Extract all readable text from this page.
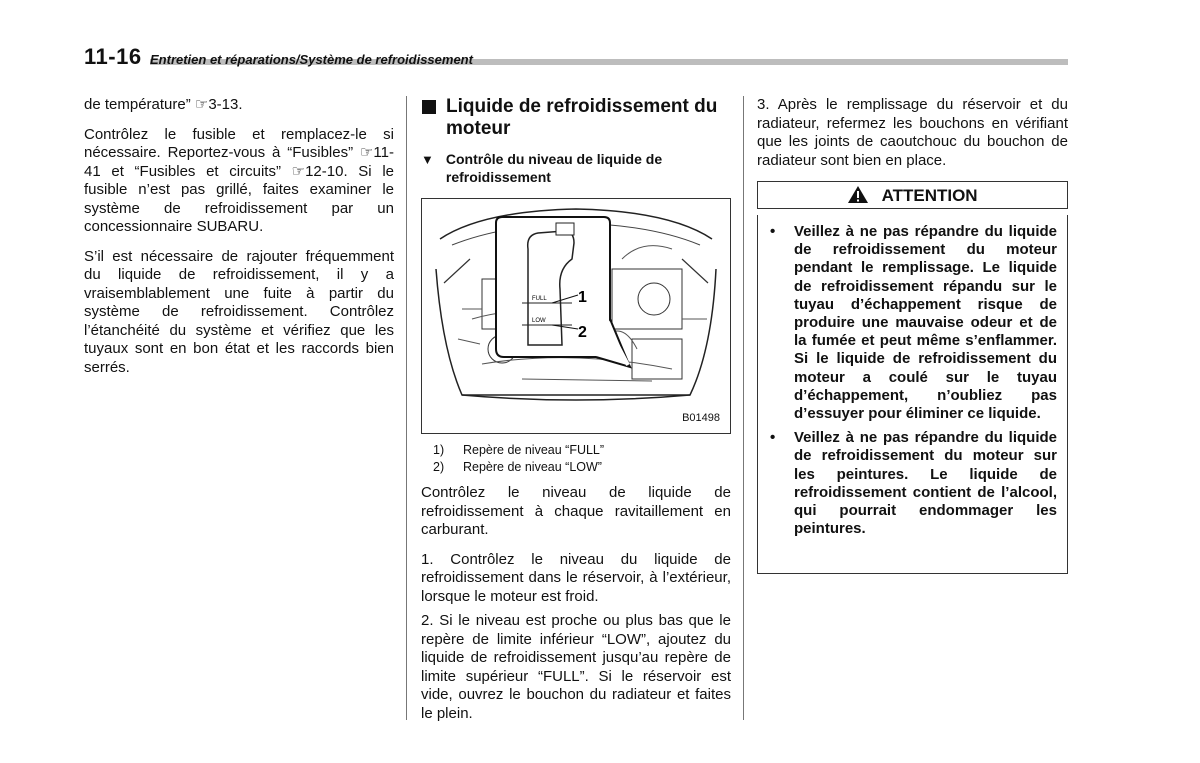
11-16 Entretien et réparations/Système de refroidissement

de température” ☞3-13.

Contrôlez le fusible et remplacez-le si nécessaire. Reportez-vous à “Fusibles” ☞11-41 et “Fusibles et circuits” ☞12-10. Si le fusible n’est pas grillé, faites examiner le système de refroidissement par un concessionnaire SUBARU.

S’il est nécessaire de rajouter fréquemment du liquide de refroidissement, il y a vraisemblablement une fuite à partir du système de refroidissement. Contrôlez l’étanchéité du système et vérifiez que les tuyaux sont en bon état et les raccords bien serrés.

Liquide de refroidissement du moteur
▼ Contrôle du niveau de liquide de refroidissement
FULL
LOW
1
2
B01498
1)	Repère de niveau “FULL”
2)	Repère de niveau “LOW”

Contrôlez le niveau de liquide de refroidissement à chaque ravitaillement en carburant.

1. Contrôlez le niveau du liquide de refroidissement dans le réservoir, à l’extérieur, lorsque le moteur est froid.

2. Si le niveau est proche ou plus bas que le repère de limite inférieur “LOW”, ajoutez du liquide de refroidissement jusqu’au repère de limite supérieur “FULL”. Si le réservoir est vide, ouvrez le bouchon du radiateur et faites le plein.

3. Après le remplissage du réservoir et du radiateur, refermez les bouchons en vérifiant que les joints de caoutchouc du bouchon de radiateur sont bien en place.

ATTENTION
•	Veillez à ne pas répandre du liquide de refroidissement du moteur pendant le remplissage. Le liquide de refroidissement répandu sur le tuyau d’échappement risque de produire une mauvaise odeur et de la fumée et peut même s’enflammer. Si le liquide de refroidissement du moteur a coulé sur le tuyau d’échappement, n’oubliez pas d’essuyer pour éliminer ce liquide.
•	Veillez à ne pas répandre du liquide de refroidissement du moteur sur les peintures. Le liquide de refroidissement contient de l’alcool, qui pourrait endommager les peintures.
